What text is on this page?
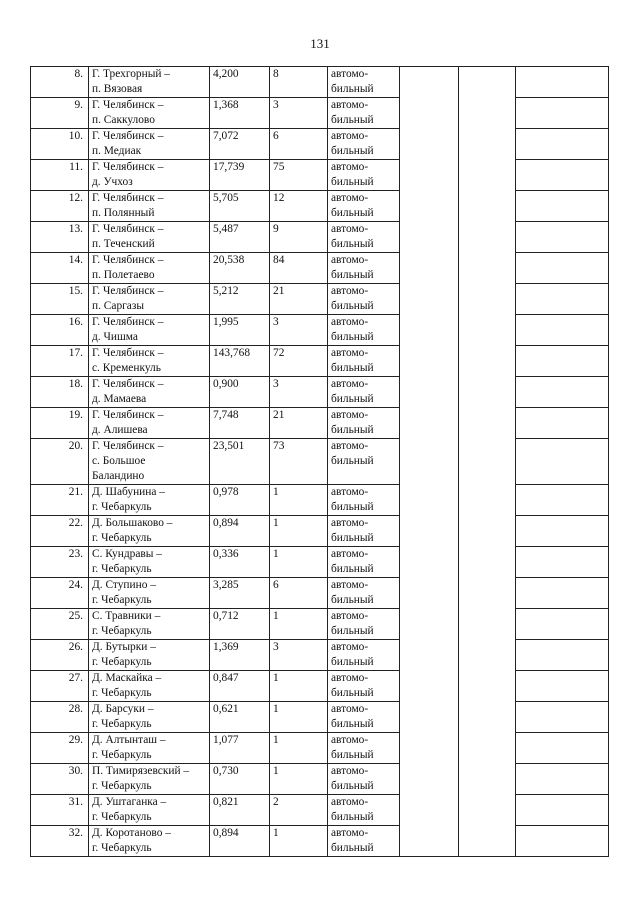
131
8.	Г. Трехгорный –
п. Вязовая	4,200	8	автомо-
бильный			

9.	Г. Челябинск –
п. Саккулово	1,368	3	автомо-
бильный			

10.	Г. Челябинск –
п. Медиак	7,072	6	автомо-
бильный			

11.	Г. Челябинск –
д. Учхоз	17,739	75	автомо-
бильный			

12.	Г. Челябинск –
п. Полянный	5,705	12	автомо-
бильный			

13.	Г. Челябинск –
п. Теченский	5,487	9	автомо-
бильный			

14.	Г. Челябинск –
п. Полетаево	20,538	84	автомо-
бильный			

15.	Г. Челябинск –
п. Саргазы	5,212	21	автомо-
бильный			

16.	Г. Челябинск –
д. Чишма	1,995	3	автомо-
бильный			

17.	Г. Челябинск –
с. Кременкуль	143,768	72	автомо-
бильный			

18.	Г. Челябинск –
д. Мамаева	0,900	3	автомо-
бильный			

19.	Г. Челябинск –
д. Алишева	7,748	21	автомо-
бильный			

20.	Г. Челябинск –
с. Большое
Баландино	23,501	73	автомо-
бильный			

21.	Д. Шабунина –
г. Чебаркуль	0,978	1	автомо-
бильный			

22.	Д. Большаково –
г. Чебаркуль	0,894	1	автомо-
бильный			

23.	С. Кундравы –
г. Чебаркуль	0,336	1	автомо-
бильный			

24.	Д. Ступино –
г. Чебаркуль	3,285	6	автомо-
бильный			

25.	С. Травники –
г. Чебаркуль	0,712	1	автомо-
бильный			

26.	Д. Бутырки –
г. Чебаркуль	1,369	3	автомо-
бильный			

27.	Д. Маскайка –
г. Чебаркуль	0,847	1	автомо-
бильный			

28.	Д. Барсуки –
г. Чебаркуль	0,621	1	автомо-
бильный			

29.	Д. Алтынташ –
г. Чебаркуль	1,077	1	автомо-
бильный			

30.	П. Тимирязевский –
г. Чебаркуль	0,730	1	автомо-
бильный			

31.	Д. Уштаганка –
г. Чебаркуль	0,821	2	автомо-
бильный			

32.	Д. Коротаново –
г. Чебаркуль	0,894	1	автомо-
бильный			
